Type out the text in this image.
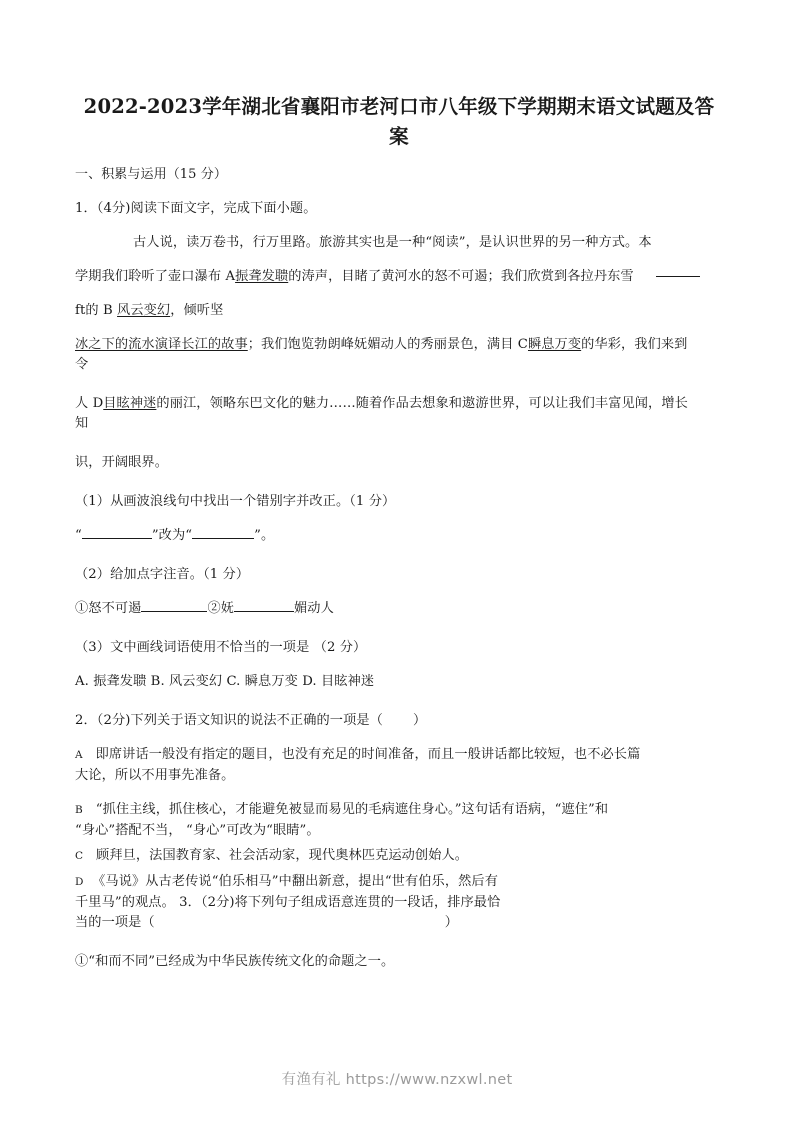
2022-2023学年湖北省襄阳市老河口市八年级下学期期末语文试题及答案

一、积累与运用（15 分）

1．（4分)阅读下面文字，完成下面小题。

古人说，读万卷书，行万里路。旅游其实也是一种“阅读”，是认识世界的另一种方式。本

学期我们聆听了壶口瀑布 A振聋发聩的涛声，目睹了黄河水的怒不可遏；我们欣赏到各拉丹东雪

ft的 B 风云变幻，倾听坚

冰之下的流水演译长江的故事；我们饱览勃朗峰妩媚动人的秀丽景色，满目 C瞬息万变的华彩，我们来到

令

人 D目眩神迷的丽江，领略东巴文化的魅力……随着作品去想象和遨游世界，可以让我们丰富见闻，增长

知

识，开阔眼界。

（1）从画波浪线句中找出一个错别字并改正。（1 分）

“	”改为“	”。

（2）给加点字注音。（1 分）

①怒不可遏	②妩	媚动人

（3）文中画线词语使用不恰当的一项是 （2 分）

A. 振聋发聩 B. 风云变幻 C. 瞬息万变 D. 目眩神迷

2．（2分)下列关于语文知识的说法不正确的一项是（ ）

A 即席讲话一般没有指定的题目，也没有充足的时间准备，而且一般讲话都比较短，也不必长篇

大论，所以不用事先准备。

B “抓住主线，抓住核心，才能避免被显而易见的毛病遮住身心。”这句话有语病，“遮住”和

“身心”搭配不当， “身心”可改为“眼睛”。

C 顾拜旦，法国教育家、社会活动家，现代奥林匹克运动创始人。

D 《马说》从古老传说“伯乐相马”中翻出新意，提出“世有伯乐，然后有

千里马”的观点。 3．（2分)将下列句子组成语意连贯的一段话，排序最恰

当的一项是（	）

①“和而不同”已经成为中华民族传统文化的命题之一。

有渔有礼 https://www.nzxwl.net
